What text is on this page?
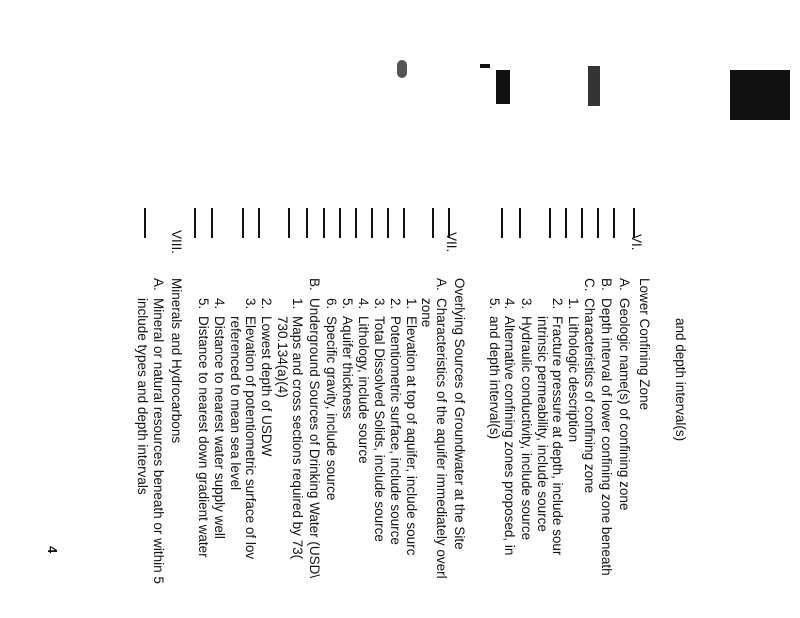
and depth interval(s)
VI.
Lower Confining Zone
A.
Geologic name(s) of confining zone
B.
Depth interval of lower confining zone beneath
C.
Characteristics of confining zone
1.
Lithologic description
2.
Fracture pressure at depth, include sour
intrinsic permeability, include source
3.
Hydraulic conductivity, include source
4.
Alternative confining zones proposed, in
5.
and depth interval(s)
VII.
Overlying Sources of Groundwater at the Site
A.
Characteristics of the aquifer immediately overl
zone
1.
Elevation at top of aquifer, include sourc
2.
Potentiometric surface, include source
3.
Total Dissolved Solids, include source
4.
Lithology, include source
5.
Aquifer thickness
6.
Specific gravity, include source
B.
Underground Sources of Drinking Water (USD\
1.
Maps and cross sections required by 73(
730.134(a)(4)
2.
Lowest depth of USDW
3.
Elevation of potentiometric surface of lov
referenced to mean sea level
4.
Distance to nearest water supply well
5.
Distance to nearest down gradient water
VIII.
Minerals and Hydrocarbons
A.
Mineral or natural resources beneath or within 5
include types and depth intervals
4
